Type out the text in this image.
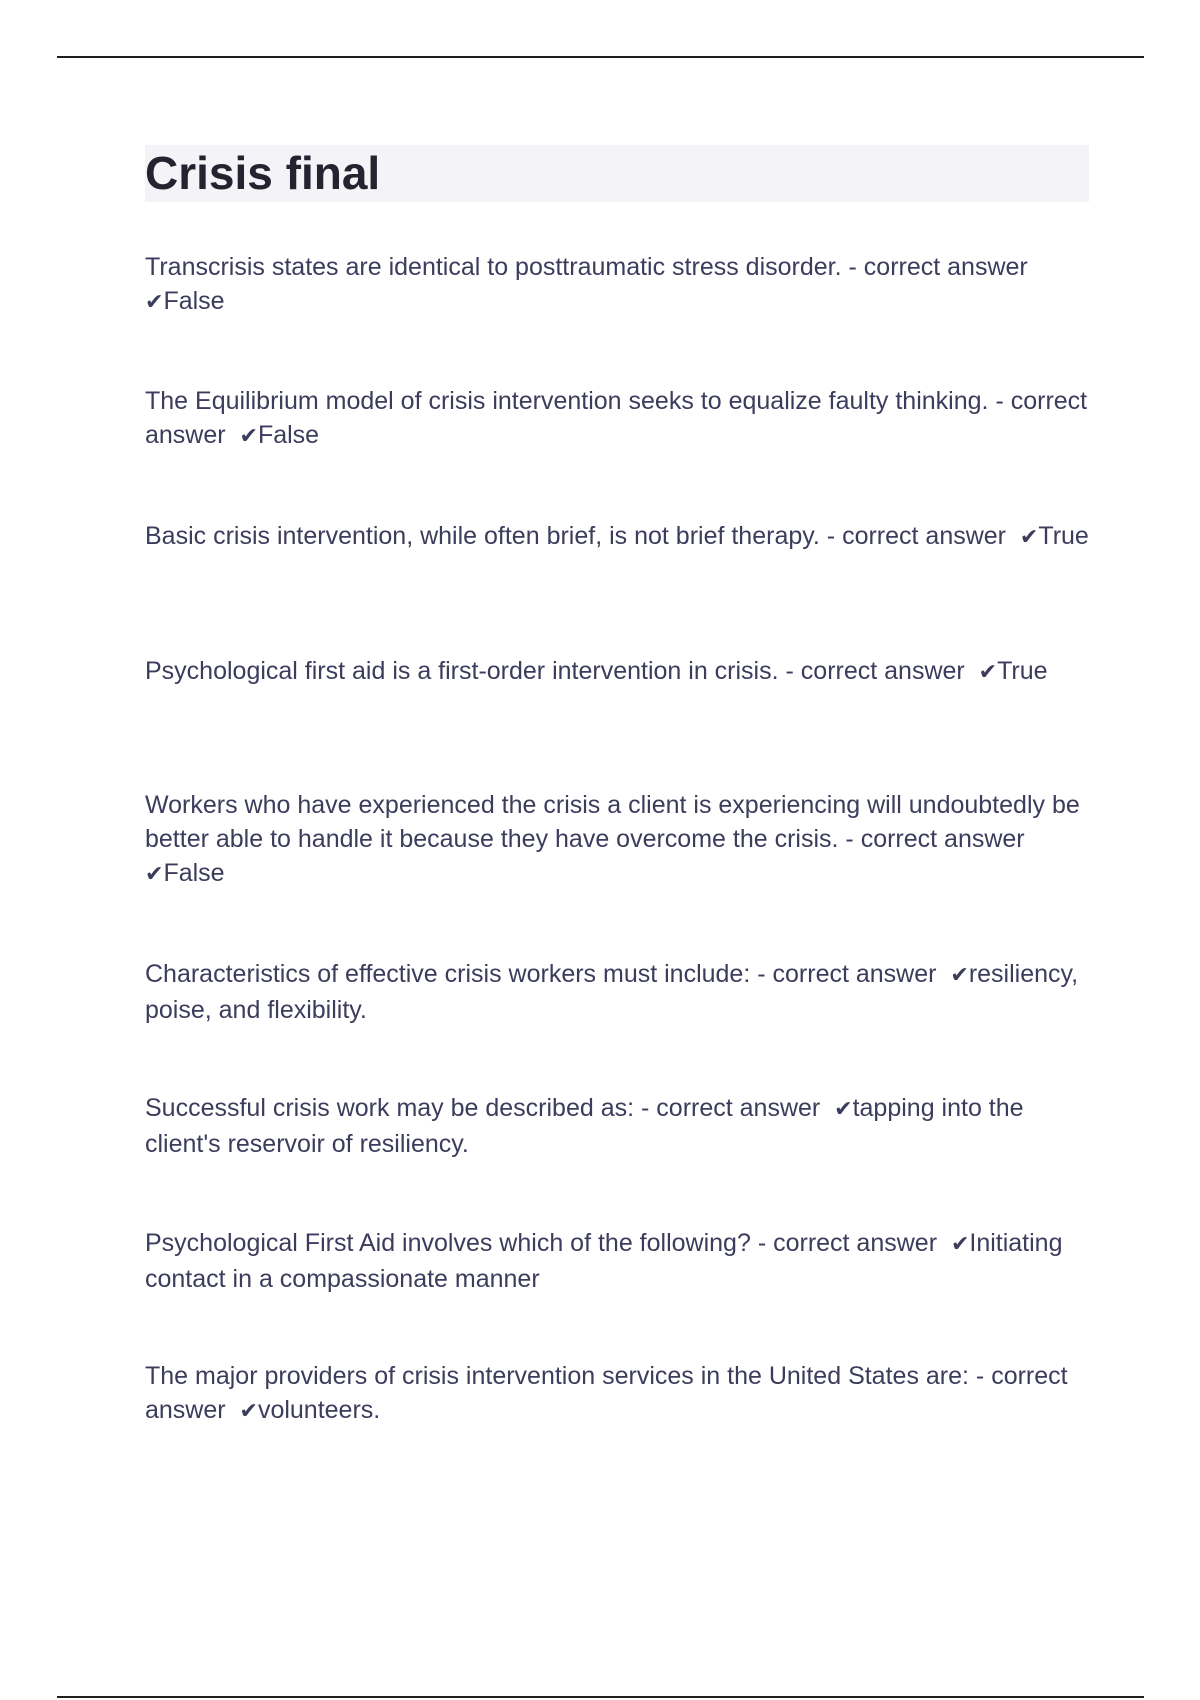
Crisis final
Transcrisis states are identical to posttraumatic stress disorder. - correct answer  ✔False
The Equilibrium model of crisis intervention seeks to equalize faulty thinking. - correct answer ✔False
Basic crisis intervention, while often brief, is not brief therapy. - correct answer ✔True
Psychological first aid is a first-order intervention in crisis. - correct answer ✔True
Workers who have experienced the crisis a client is experiencing will undoubtedly be better able to handle it because they have overcome the crisis. - correct answer  ✔False
Characteristics of effective crisis workers must include: - correct answer ✔resiliency, poise, and flexibility.
Successful crisis work may be described as: - correct answer ✔tapping into the client's reservoir of resiliency.
Psychological First Aid involves which of the following? - correct answer ✔Initiating contact in a compassionate manner
The major providers of crisis intervention services in the United States are: - correct answer ✔volunteers.
